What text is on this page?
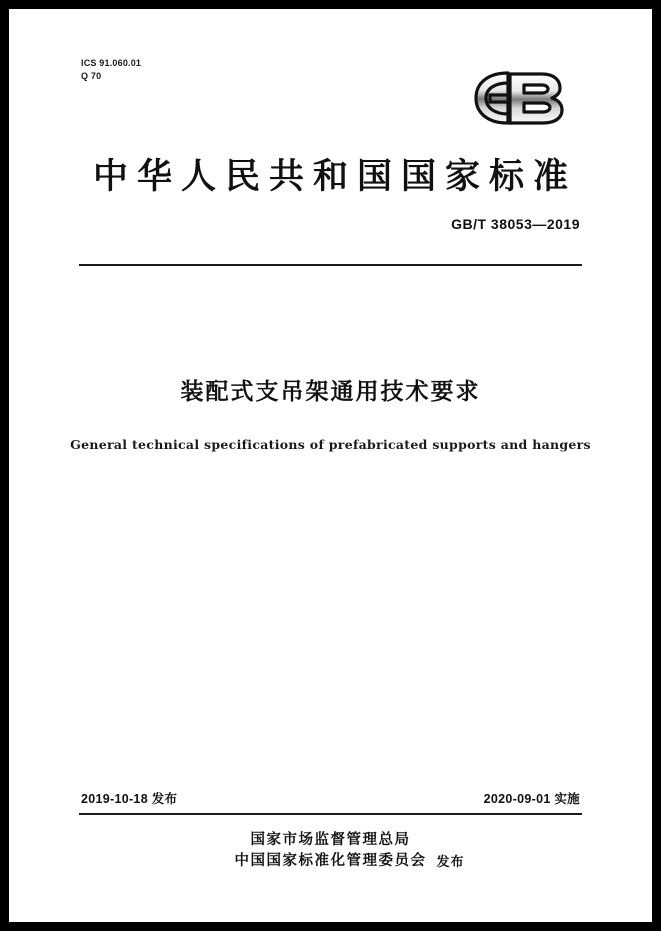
ICS 91.060.01
Q 70
中华人民共和国国家标准
GB/T 38053—2019
装配式支吊架通用技术要求
General technical specifications of prefabricated supports and hangers
2019-10-18 发布	2020-09-01 实施
国家市场监督管理总局
中国国家标准化管理委员会 发布
